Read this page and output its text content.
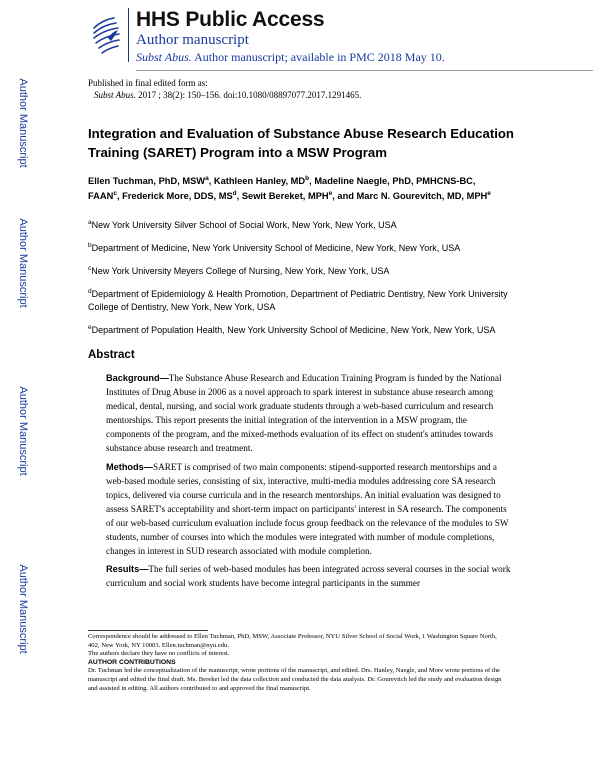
HHS Public Access
Author manuscript
Subst Abus. Author manuscript; available in PMC 2018 May 10.
Author Manuscript
Author Manuscript
Author Manuscript
Author Manuscript
Published in final edited form as:
Subst Abus. 2017 ; 38(2): 150–156. doi:10.1080/08897077.2017.1291465.
Integration and Evaluation of Substance Abuse Research Education Training (SARET) Program into a MSW Program
Ellen Tuchman, PhD, MSW$^a$, Kathleen Hanley, $MD^b$, Madeline Naegle, PhD, PMHCNS-BC, FAAN$^c$, Frederick More, DDS, $MS^d$, Sewit Bereket, MPH$^e$, and Marc N. Gourevitch, MD, MPH$^e$
$^a$New York University Silver School of Social Work, New York, New York, USA
$^b$Department of Medicine, New York University School of Medicine, New York, New York, USA
$^c$New York University Meyers College of Nursing, New York, New York, USA
$^d$Department of Epidemiology & Health Promotion, Department of Pediatric Dentistry, New York University College of Dentistry, New York, New York, USA
$^e$Department of Population Health, New York University School of Medicine, New York, New York, USA
Abstract
Background—The Substance Abuse Research and Education Training Program is funded by the National Institutes of Drug Abuse in 2006 as a novel approach to spark interest in substance abuse research among medical, dental, nursing, and social work graduate students through a web-based curriculum and research mentorships. This report presents the initial integration of the intervention in a MSW program, the components of the program, and the mixed-methods evaluation of its effect on student's attitudes towards substance abuse research and treatment.
Methods—SARET is comprised of two main components: stipend-supported research mentorships and a web-based module series, consisting of six, interactive, multi-media modules addressing core SA research topics, delivered via course curricula and in the research mentorships. An initial evaluation was designed to assess SARET's acceptability and short-term impact on participants' interest in SA research. The components of our web-based curriculum evaluation include focus group feedback on the relevance of the modules to SW students, number of courses into which the modules were integrated with number of module completions, changes in interest in SUD research associated with module completion.
Results—The full series of web-based modules has been integrated across several courses in the social work curriculum and social work students have become integral participants in the summer
Correspondence should be addressed to Ellen Tuchman, PhD, MSW, Associate Professor, NYU Silver School of Social Work, 1 Washington Square North, 402, New York, NY 10003. Ellen.tuchman@nyu.edu.
The authors declare they have no conflicts of interest.
AUTHOR CONTRIBUTIONS
Dr. Tuchman led the conceptualization of the manuscript, wrote portions of the manuscript, and edited. Drs. Hanley, Naegle, and More wrote portions of the manuscript and edited the final draft. Ms. Bereket led the data collection and conducted the data analysis. Dr. Gourevitch led the study and evaluation design and assisted in editing. All authors contributed to and approved the final manuscript.
